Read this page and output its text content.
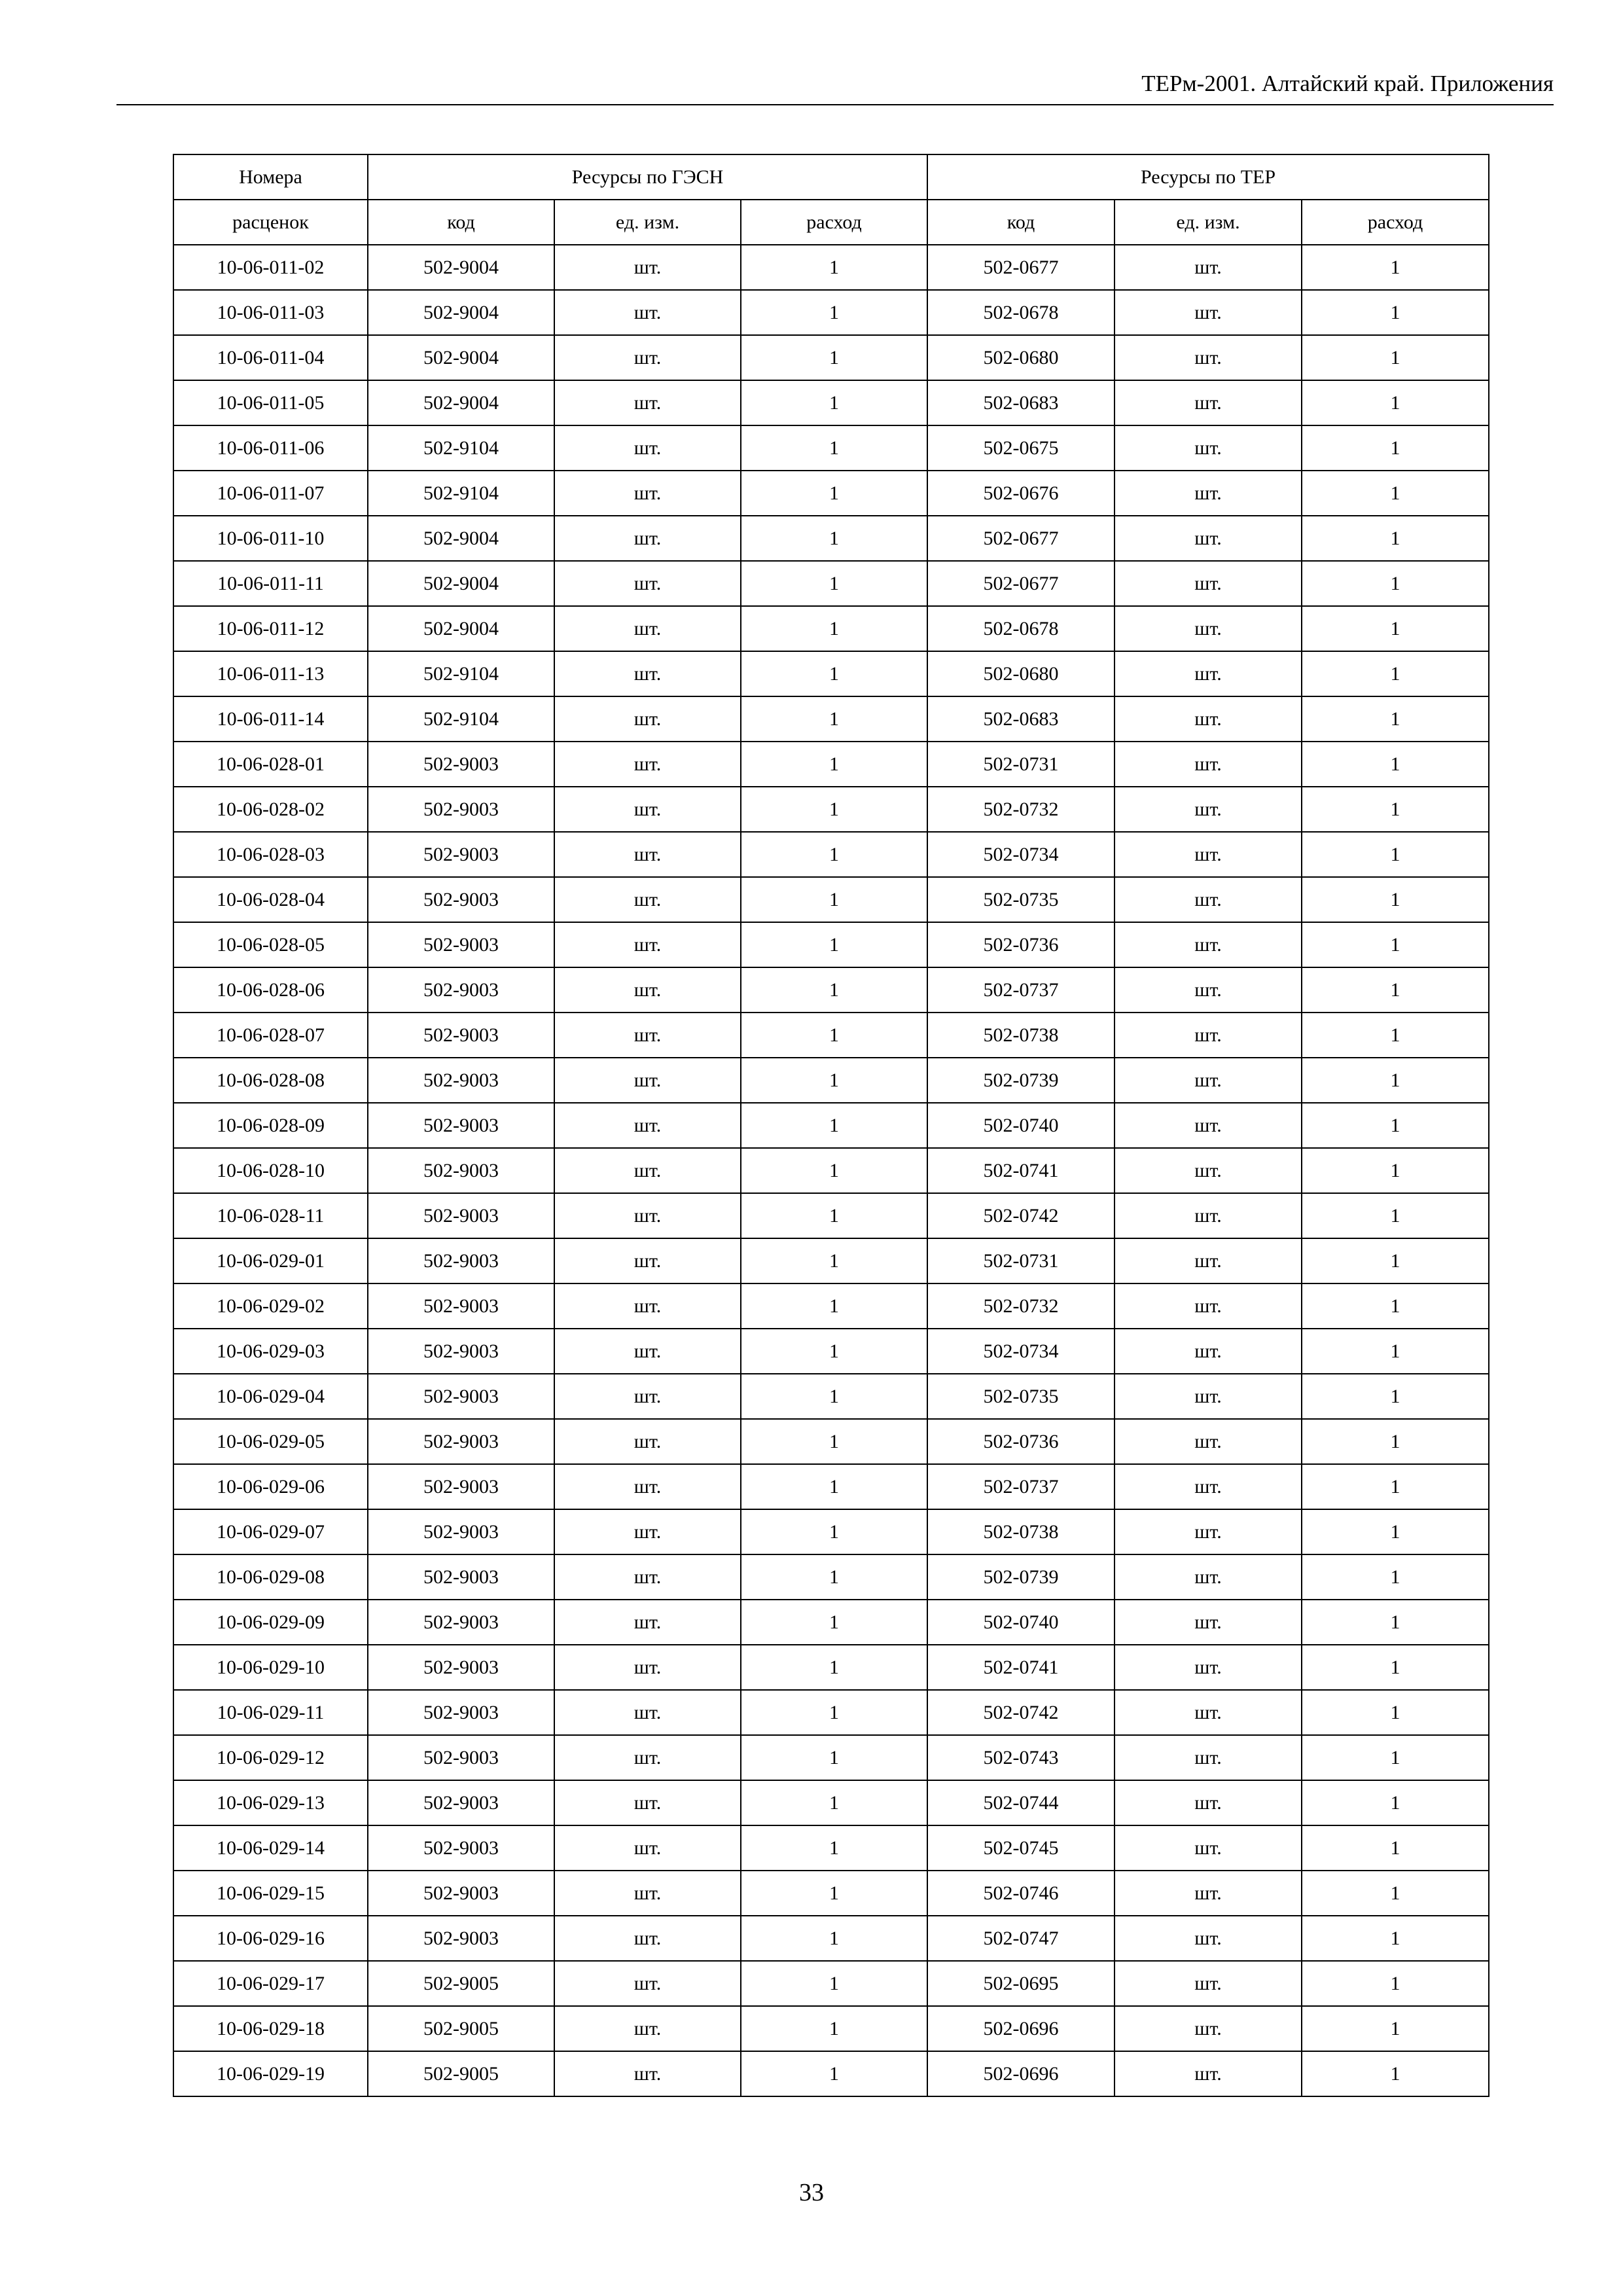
ТЕРм-2001. Алтайский край. Приложения
Номера	Ресурсы по ГЭСН			Ресурсы по ТЕР		
расценок	код	ед. изм.	расход	код	ед. изм.	расход
10-06-011-02	502-9004	шт.	1	502-0677	шт.	1
10-06-011-03	502-9004	шт.	1	502-0678	шт.	1
10-06-011-04	502-9004	шт.	1	502-0680	шт.	1
10-06-011-05	502-9004	шт.	1	502-0683	шт.	1
10-06-011-06	502-9104	шт.	1	502-0675	шт.	1
10-06-011-07	502-9104	шт.	1	502-0676	шт.	1
10-06-011-10	502-9004	шт.	1	502-0677	шт.	1
10-06-011-11	502-9004	шт.	1	502-0677	шт.	1
10-06-011-12	502-9004	шт.	1	502-0678	шт.	1
10-06-011-13	502-9104	шт.	1	502-0680	шт.	1
10-06-011-14	502-9104	шт.	1	502-0683	шт.	1
10-06-028-01	502-9003	шт.	1	502-0731	шт.	1
10-06-028-02	502-9003	шт.	1	502-0732	шт.	1
10-06-028-03	502-9003	шт.	1	502-0734	шт.	1
10-06-028-04	502-9003	шт.	1	502-0735	шт.	1
10-06-028-05	502-9003	шт.	1	502-0736	шт.	1
10-06-028-06	502-9003	шт.	1	502-0737	шт.	1
10-06-028-07	502-9003	шт.	1	502-0738	шт.	1
10-06-028-08	502-9003	шт.	1	502-0739	шт.	1
10-06-028-09	502-9003	шт.	1	502-0740	шт.	1
10-06-028-10	502-9003	шт.	1	502-0741	шт.	1
10-06-028-11	502-9003	шт.	1	502-0742	шт.	1
10-06-029-01	502-9003	шт.	1	502-0731	шт.	1
10-06-029-02	502-9003	шт.	1	502-0732	шт.	1
10-06-029-03	502-9003	шт.	1	502-0734	шт.	1
10-06-029-04	502-9003	шт.	1	502-0735	шт.	1
10-06-029-05	502-9003	шт.	1	502-0736	шт.	1
10-06-029-06	502-9003	шт.	1	502-0737	шт.	1
10-06-029-07	502-9003	шт.	1	502-0738	шт.	1
10-06-029-08	502-9003	шт.	1	502-0739	шт.	1
10-06-029-09	502-9003	шт.	1	502-0740	шт.	1
10-06-029-10	502-9003	шт.	1	502-0741	шт.	1
10-06-029-11	502-9003	шт.	1	502-0742	шт.	1
10-06-029-12	502-9003	шт.	1	502-0743	шт.	1
10-06-029-13	502-9003	шт.	1	502-0744	шт.	1
10-06-029-14	502-9003	шт.	1	502-0745	шт.	1
10-06-029-15	502-9003	шт.	1	502-0746	шт.	1
10-06-029-16	502-9003	шт.	1	502-0747	шт.	1
10-06-029-17	502-9005	шт.	1	502-0695	шт.	1
10-06-029-18	502-9005	шт.	1	502-0696	шт.	1
10-06-029-19	502-9005	шт.	1	502-0696	шт.	1
33
